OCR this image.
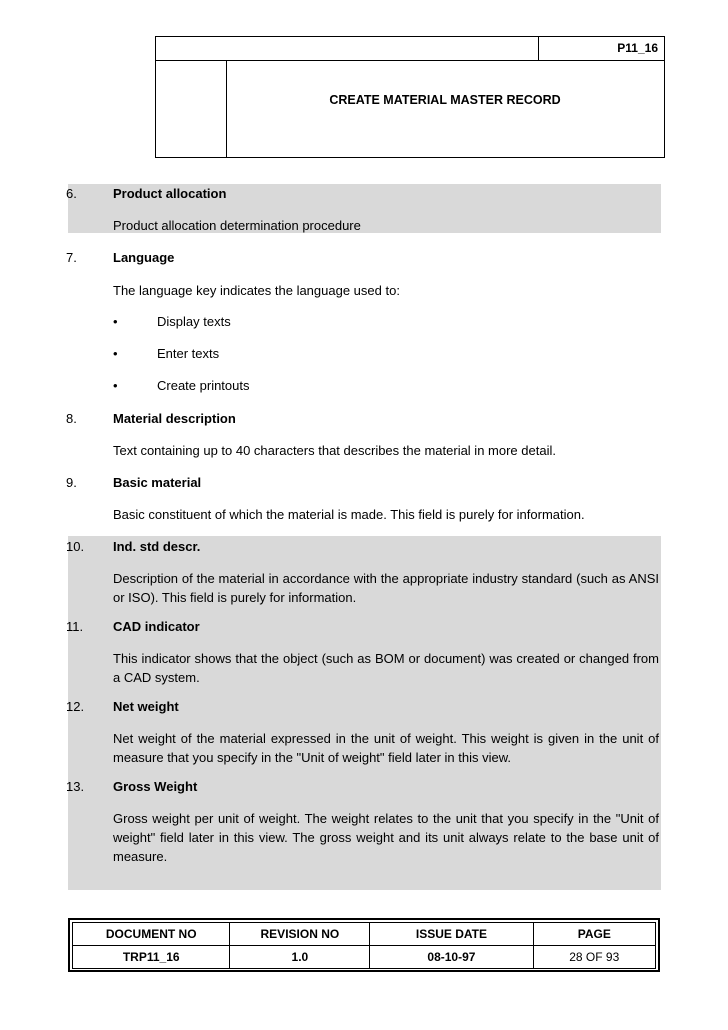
P11_16
CREATE MATERIAL MASTER RECORD
6.	Product allocation
Product allocation determination procedure
7.	Language
The language key indicates the language used to:
•	Display texts
•	Enter texts
•	Create printouts
8.	Material description
Text containing up to 40 characters that describes the material in more detail.
9.	Basic material
Basic constituent of which the material is made. This field is purely for information.
10. Ind. std descr.
Description of the material in accordance with the appropriate industry standard (such as ANSI or ISO). This field is purely for information.
11. CAD indicator
This indicator shows that the object (such as BOM or document) was created or changed from a CAD system.
12. Net weight
Net weight of the material expressed in the unit of weight. This weight is given in the unit of measure that you specify in the "Unit of weight" field later in this view.
13. Gross Weight
Gross weight per unit of weight. The weight relates to the unit that you specify in the "Unit of weight" field later in this view. The gross weight and its unit always relate to the base unit of measure.
DOCUMENT NO	REVISION NO	ISSUE DATE	PAGE
TRP11_16	1.0	08-10-97	28 OF 93
